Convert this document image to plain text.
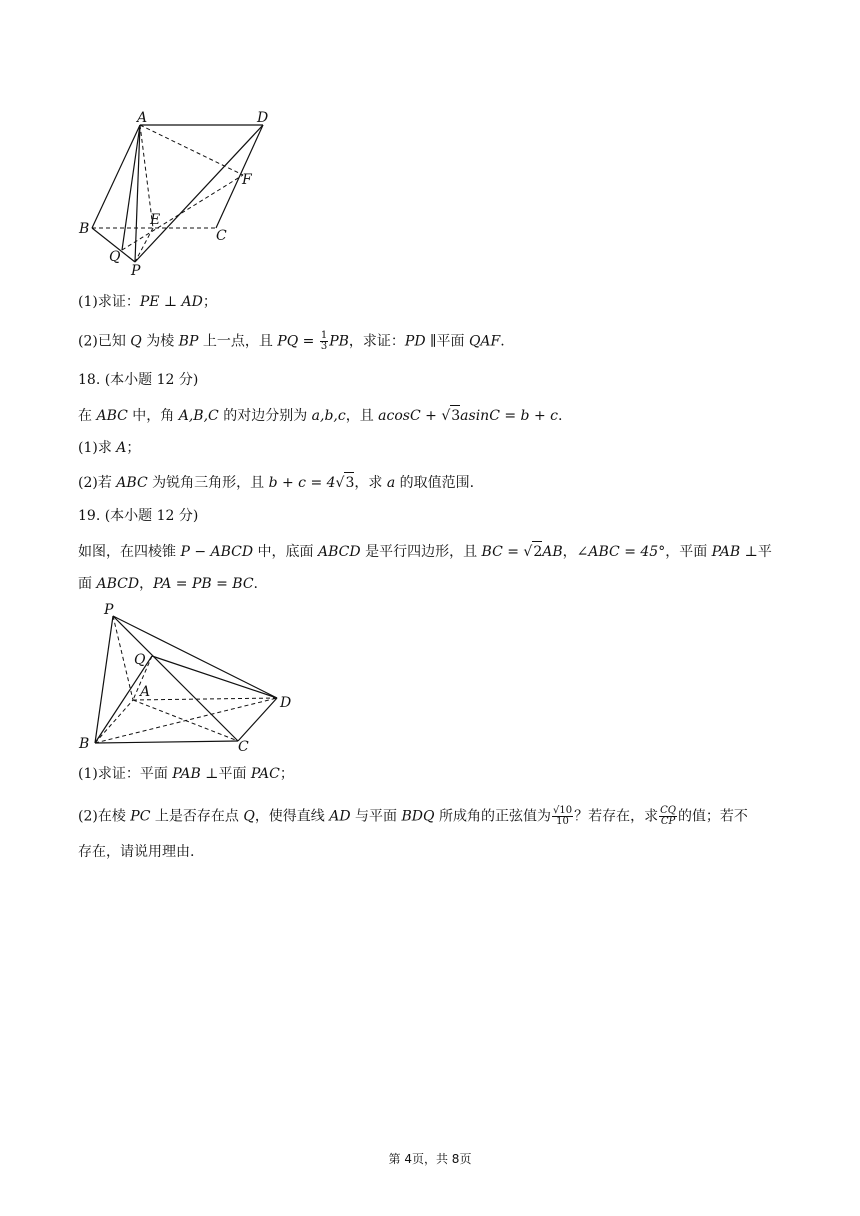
A	D
F
E
B	C
Q
P
(1)求证：PE ⊥ AD；
(2)已知 Q 为棱 BP 上一点，且 PQ = $\frac{1}{3}$ PB，求证：PD ∥平面 QAF.
18. (本小题 12 分)
在 ABC 中，角 A,B,C 的对边分别为 a,b,c，且 acosC + √3asinC = b + c.
(1)求 A；
(2)若 ABC 为锐角三角形，且 b + c = 4√3，求 a 的取值范围.
19. (本小题 12 分)
如图，在四棱锥 P − ABCD 中，底面 ABCD 是平行四边形，且 BC = √2AB，∠ABC = 45°，平面 PAB ⊥平
面 ABCD，PA = PB = BC.
P
Q
A
D
B	C
(1)求证：平面 PAB ⊥平面 PAC；
(2)在棱 PC 上是否存在点 Q，使得直线 AD 与平面 BDQ 所成角的正弦值为 $\frac{√10}{10}$ ？若存在，求 $\frac{CQ}{CP}$ 的值；若不
存在，请说用理由.
第 4页，共 8页
